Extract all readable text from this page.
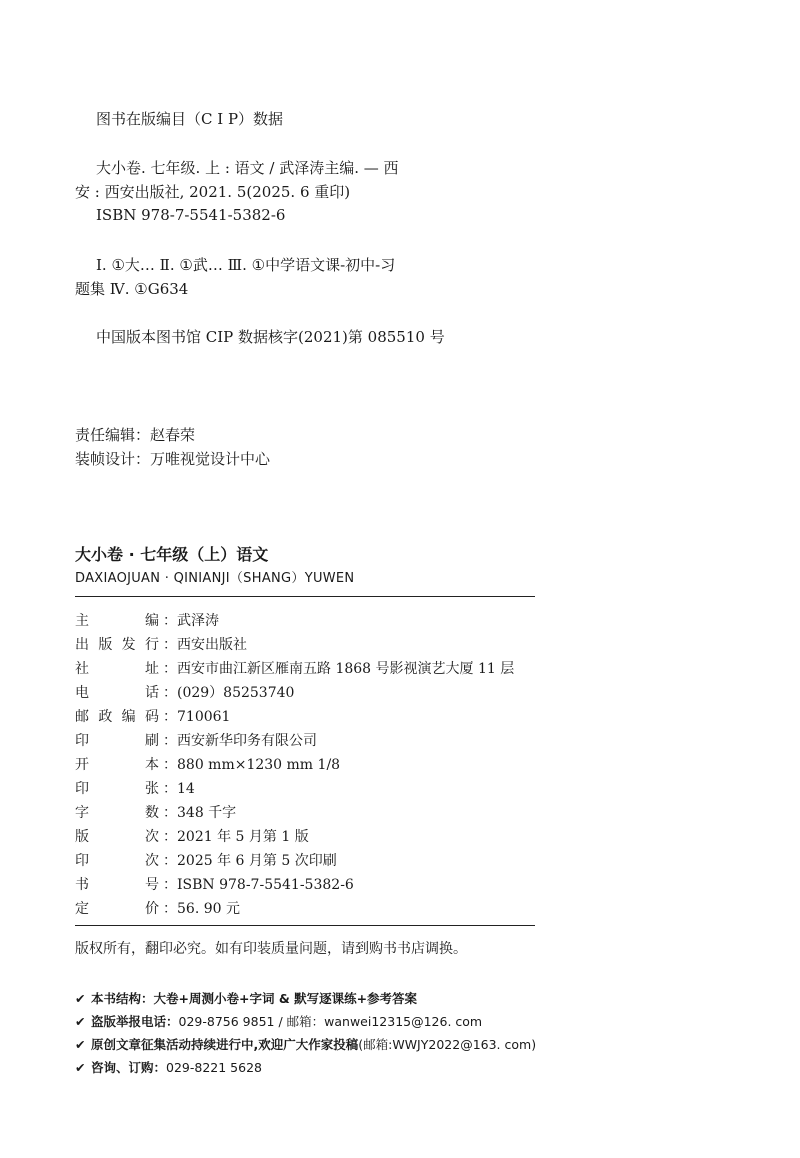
图书在版编目（C I P）数据
大小卷. 七年级. 上 : 语文 / 武泽涛主编. — 西
安 : 西安出版社, 2021. 5(2025. 6 重印)
ISBN 978-7-5541-5382-6
Ⅰ. ①大… Ⅱ. ①武… Ⅲ. ①中学语文课-初中-习
题集 Ⅳ. ①G634
中国版本图书馆 CIP 数据核字(2021)第 085510 号
责任编辑：赵春荣
装帧设计：万唯视觉设计中心
大小卷 · 七年级（上）语文
DAXIAOJUAN · QINIANJI（SHANG）YUWEN
主 编 ：武泽涛
出版发行 ：西安出版社
社 址 ：西安市曲江新区雁南五路 1868 号影视演艺大厦 11 层
电 话 ：(029）85253740
邮政编码 ：710061
印 刷 ：西安新华印务有限公司
开 本 ：880 mm×1230 mm 1/8
印 张 ：14
字 数 ：348 千字
版 次 ：2021 年 5 月第 1 版
印 次 ：2025 年 6 月第 5 次印刷
书 号 ：ISBN 978-7-5541-5382-6
定 价 ：56. 90 元
版权所有，翻印必究。如有印装质量问题，请到购书书店调换。
✔ 本书结构：大卷+周测小卷+字词 & 默写逐课练+参考答案
✔ 盗版举报电话：029-8756 9851 / 邮箱：wanwei12315@126. com
✔ 原创文章征集活动持续进行中,欢迎广大作家投稿(邮箱:WWJY2022@163. com)
✔ 咨询、订购：029-8221 5628
